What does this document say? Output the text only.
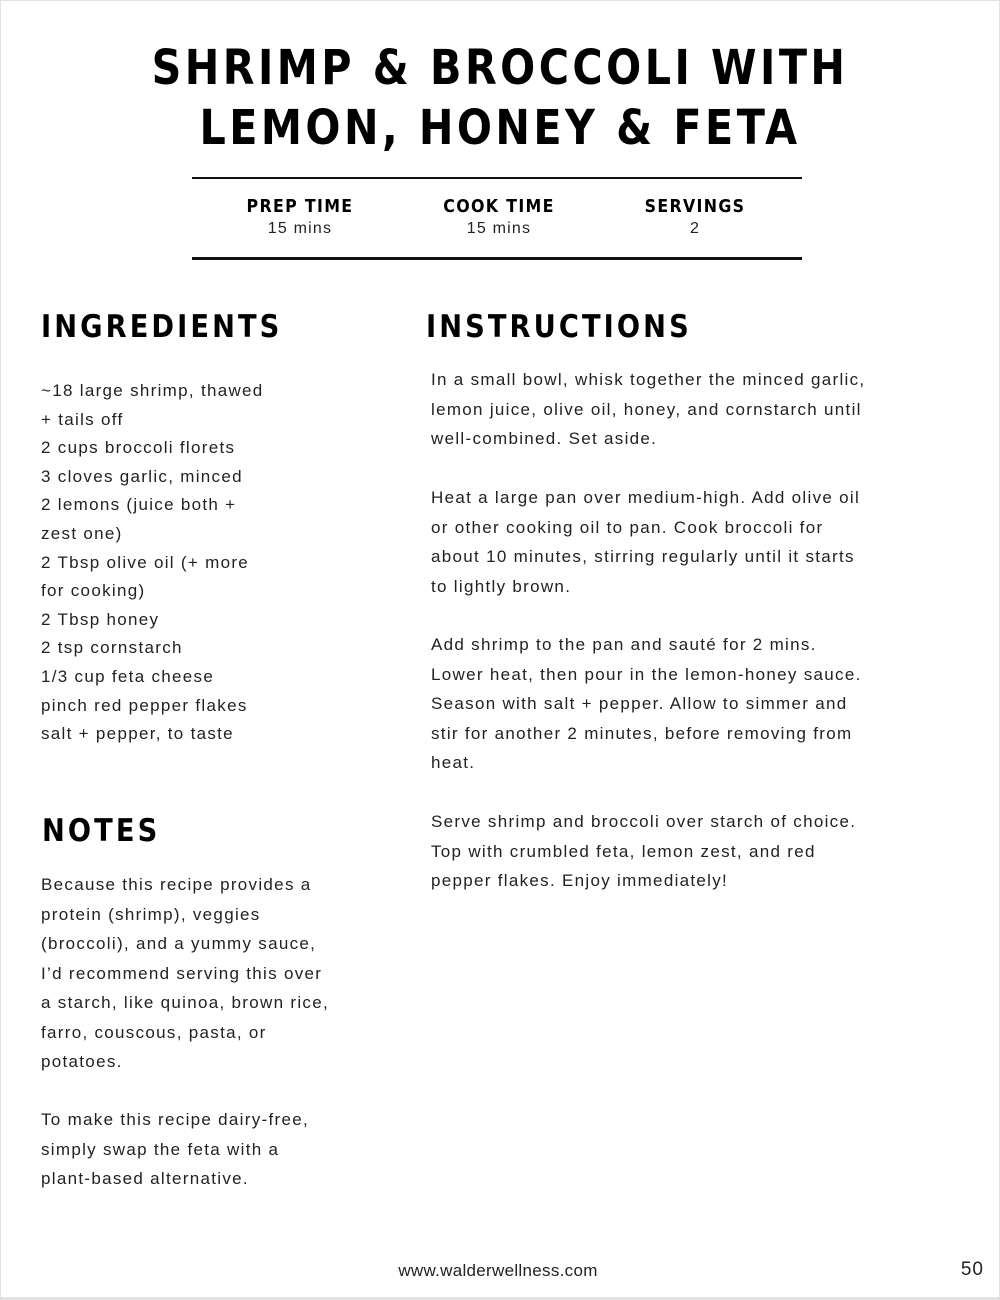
SHRIMP & BROCCOLI WITH
LEMON, HONEY & FETA
PREP TIME
15 mins
COOK TIME
15 mins
SERVINGS
2
INGREDIENTS
~18 large shrimp, thawed
+ tails off
2 cups broccoli florets
3 cloves garlic, minced
2 lemons (juice both +
zest one)
2 Tbsp olive oil (+ more
for cooking)
2 Tbsp honey
2 tsp cornstarch
1/3 cup feta cheese
pinch red pepper flakes
salt + pepper, to taste
NOTES

Because this recipe provides a
protein (shrimp), veggies
(broccoli), and a yummy sauce,
I’d recommend serving this over
a starch, like quinoa, brown rice,
farro, couscous, pasta, or
potatoes.

To make this recipe dairy-free,
simply swap the feta with a
plant-based alternative.

INSTRUCTIONS

In a small bowl, whisk together the minced garlic,
lemon juice, olive oil, honey, and cornstarch until
well-combined. Set aside.

Heat a large pan over medium-high. Add olive oil
or other cooking oil to pan. Cook broccoli for
about 10 minutes, stirring regularly until it starts
to lightly brown.

Add shrimp to the pan and sauté for 2 mins.
Lower heat, then pour in the lemon-honey sauce.
Season with salt + pepper. Allow to simmer and
stir for another 2 minutes, before removing from
heat.

Serve shrimp and broccoli over starch of choice.
Top with crumbled feta, lemon zest, and red
pepper flakes. Enjoy immediately!

www.walderwellness.com	50
